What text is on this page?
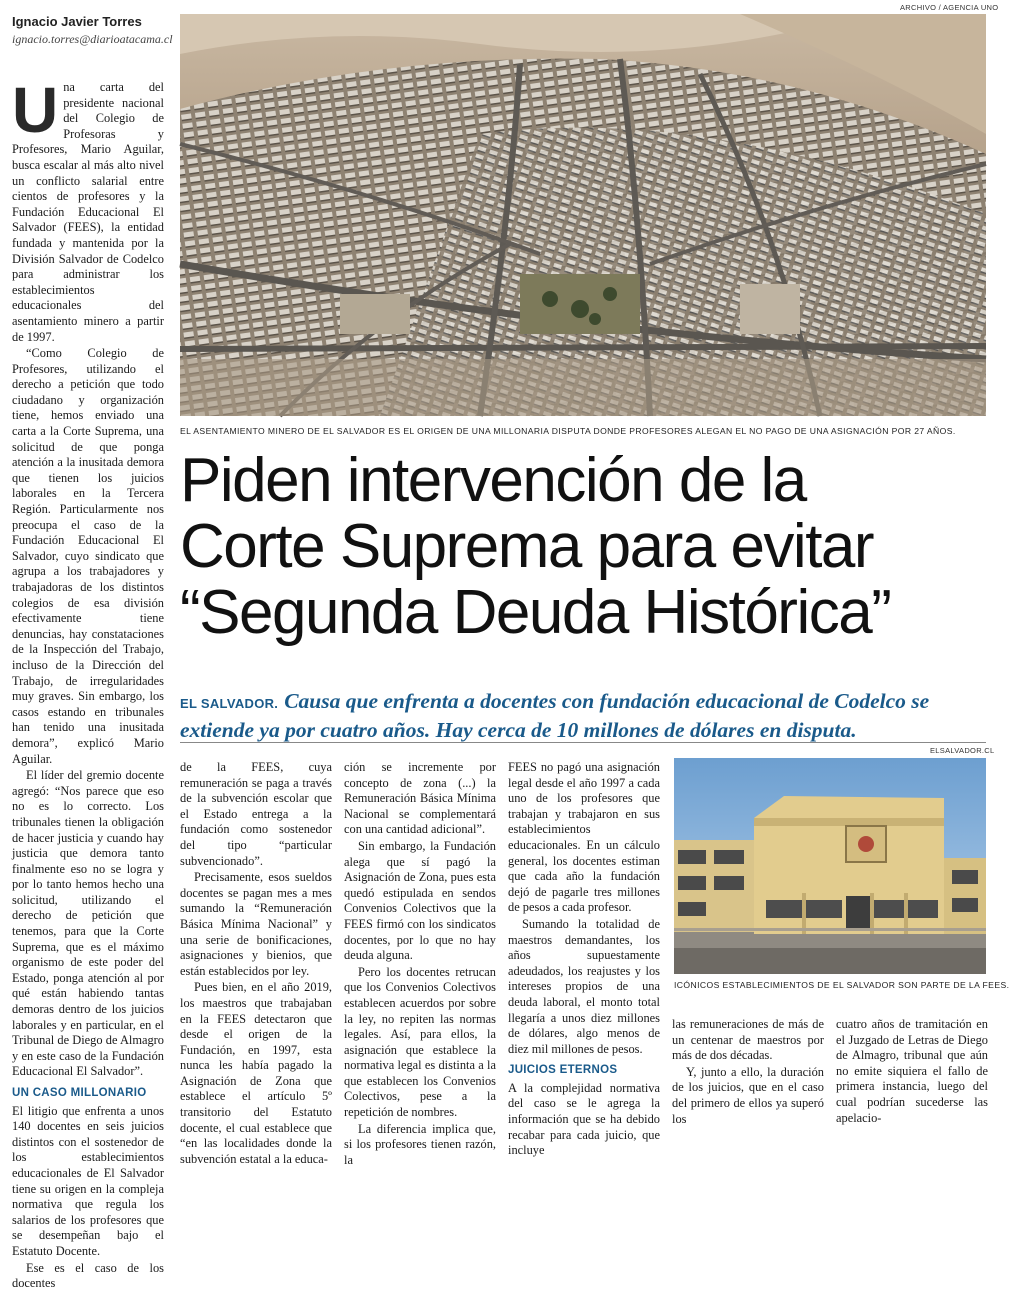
Ignacio Javier Torres
ignacio.torres@diarioatacama.cl

Una carta del presidente nacional del Colegio de Profesoras y Profesores, Mario Aguilar, busca escalar al más alto nivel un conflicto salarial entre cientos de profesores y la Fundación Educacional El Salvador (FEES), la entidad fundada y mantenida por la División Salvador de Codelco para administrar los establecimientos educacionales del asentamiento minero a partir de 1997.

“Como Colegio de Profesores, utilizando el derecho a petición que todo ciudadano y organización tiene, hemos enviado una carta a la Corte Suprema, una solicitud de que ponga atención a la inusitada demora que tienen los juicios laborales en la Tercera Región. Particularmente nos preocupa el caso de la Fundación Educacional El Salvador, cuyo sindicato que agrupa a los trabajadores y trabajadoras de los distintos colegios de esa división efectivamente tiene denuncias, hay constataciones de la Inspección del Trabajo, incluso de la Dirección del Trabajo, de irregularidades muy graves. Sin embargo, los casos estando en tribunales han tenido una inusitada demora”, explicó Mario Aguilar.

El líder del gremio docente agregó: “Nos parece que eso no es lo correcto. Los tribunales tienen la obligación de hacer justicia y cuando hay justicia que demora tanto finalmente eso no se logra y por lo tanto hemos hecho una solicitud, utilizando el derecho de petición que tenemos, para que la Corte Suprema, que es el máximo organismo de este poder del Estado, ponga atención al por qué están habiendo tantas demoras dentro de los juicios laborales y en particular, en el Tribunal de Diego de Almagro y en este caso de la Fundación Educacional El Salvador”.

UN CASO MILLONARIO

El litigio que enfrenta a unos 140 docentes en seis juicios distintos con el sostenedor de los establecimientos educacionales de El Salvador tiene su origen en la compleja normativa que regula los salarios de los profesores que se desempeñan bajo el Estatuto Docente.

Ese es el caso de los docentes

ARCHIVO / AGENCIA UNO
EL ASENTAMIENTO MINERO DE EL SALVADOR ES EL ORIGEN DE UNA MILLONARIA DISPUTA DONDE PROFESORES ALEGAN EL NO PAGO DE UNA ASIGNACIÓN POR 27 AÑOS.
Piden intervención de la
Corte Suprema para evitar
“Segunda Deuda Histórica”
EL SALVADOR. Causa que enfrenta a docentes con fundación educacional de Codelco se extiende ya por cuatro años. Hay cerca de 10 millones de dólares en disputa.

de la FEES, cuya remuneración se paga a través de la subvención escolar que el Estado entrega a la fundación como sostenedor del tipo “particular subvencionado”.

Precisamente, esos sueldos docentes se pagan mes a mes sumando la “Remuneración Básica Mínima Nacional” y una serie de bonificaciones, asignaciones y bienios, que están establecidos por ley.

Pues bien, en el año 2019, los maestros que trabajaban en la FEES detectaron que desde el origen de la Fundación, en 1997, esta nunca les había pagado la Asignación de Zona que establece el artículo 5º transitorio del Estatuto docente, el cual establece que “en las localidades donde la subvención estatal a la educa-

ción se incremente por concepto de zona (...) la Remuneración Básica Mínima Nacional se complementará con una cantidad adicional”.

Sin embargo, la Fundación alega que sí pagó la Asignación de Zona, pues esta quedó estipulada en sendos Convenios Colectivos que la FEES firmó con los sindicatos docentes, por lo que no hay deuda alguna.

Pero los docentes retrucan que los Convenios Colectivos establecen acuerdos por sobre la ley, no repiten las normas legales. Así, para ellos, la asignación que establece la normativa legal es distinta a la que establecen los Convenios Colectivos, pese a la repetición de nombres.

La diferencia implica que, si los profesores tienen razón, la

FEES no pagó una asignación legal desde el año 1997 a cada uno de los profesores que trabajan y trabajaron en sus establecimientos educacionales. En un cálculo general, los docentes estiman que cada año la fundación dejó de pagarle tres millones de pesos a cada profesor.

Sumando la totalidad de maestros demandantes, los años supuestamente adeudados, los reajustes y los intereses propios de una deuda laboral, el monto total llegaría a unos diez millones de dólares, algo menos de diez mil millones de pesos.

JUICIOS ETERNOS

A la complejidad normativa del caso se le agrega la información que se ha debido recabar para cada juicio, que incluye

ELSALVADOR.CL
ICÓNICOS ESTABLECIMIENTOS DE EL SALVADOR SON PARTE DE LA FEES.

las remuneraciones de más de un centenar de maestros por más de dos décadas.

Y, junto a ello, la duración de los juicios, que en el caso del primero de ellos ya superó los

cuatro años de tramitación en el Juzgado de Letras de Diego de Almagro, tribunal que aún no emite siquiera el fallo de primera instancia, luego del cual podrían sucederse las apelacio-
